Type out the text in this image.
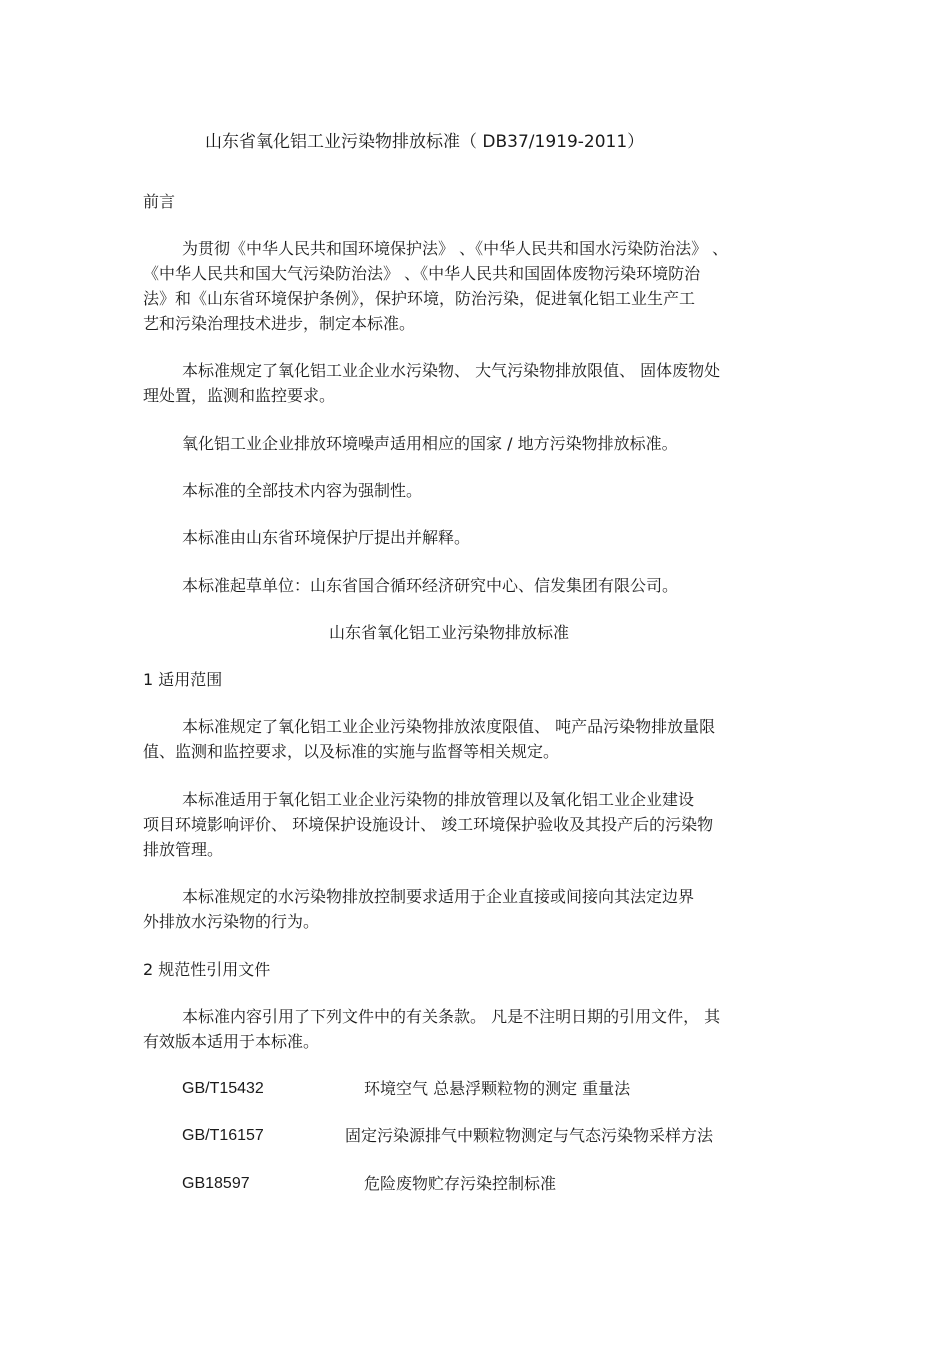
山东省氧化铝工业污染物排放标准（ DB37/1919-2011）
前言
为贯彻《中华人民共和国环境保护法》 、《中华人民共和国水污染防治法》 、
《中华人民共和国大气污染防治法》 、《中华人民共和国固体废物污染环境防治
法》和《山东省环境保护条例》，保护环境，防治污染，促进氧化铝工业生产工
艺和污染治理技术进步，制定本标准。
本标准规定了氧化铝工业企业水污染物、 大气污染物排放限值、 固体废物处
理处置，监测和监控要求。
氧化铝工业企业排放环境噪声适用相应的国家 / 地方污染物排放标准。
本标准的全部技术内容为强制性。
本标准由山东省环境保护厅提出并解释。
本标准起草单位：山东省国合循环经济研究中心、信发集团有限公司。
山东省氧化铝工业污染物排放标准
1 适用范围
本标准规定了氧化铝工业企业污染物排放浓度限值、 吨产品污染物排放量限
值、监测和监控要求，以及标准的实施与监督等相关规定。
本标准适用于氧化铝工业企业污染物的排放管理以及氧化铝工业企业建设
项目环境影响评价、 环境保护设施设计、 竣工环境保护验收及其投产后的污染物
排放管理。
本标准规定的水污染物排放控制要求适用于企业直接或间接向其法定边界
外排放水污染物的行为。
2 规范性引用文件
本标准内容引用了下列文件中的有关条款。 凡是不注明日期的引用文件， 其
有效版本适用于本标准。
GB/T15432	环境空气 总悬浮颗粒物的测定 重量法
GB/T16157	固定污染源排气中颗粒物测定与气态污染物采样方法
GB18597	危险废物贮存污染控制标准
